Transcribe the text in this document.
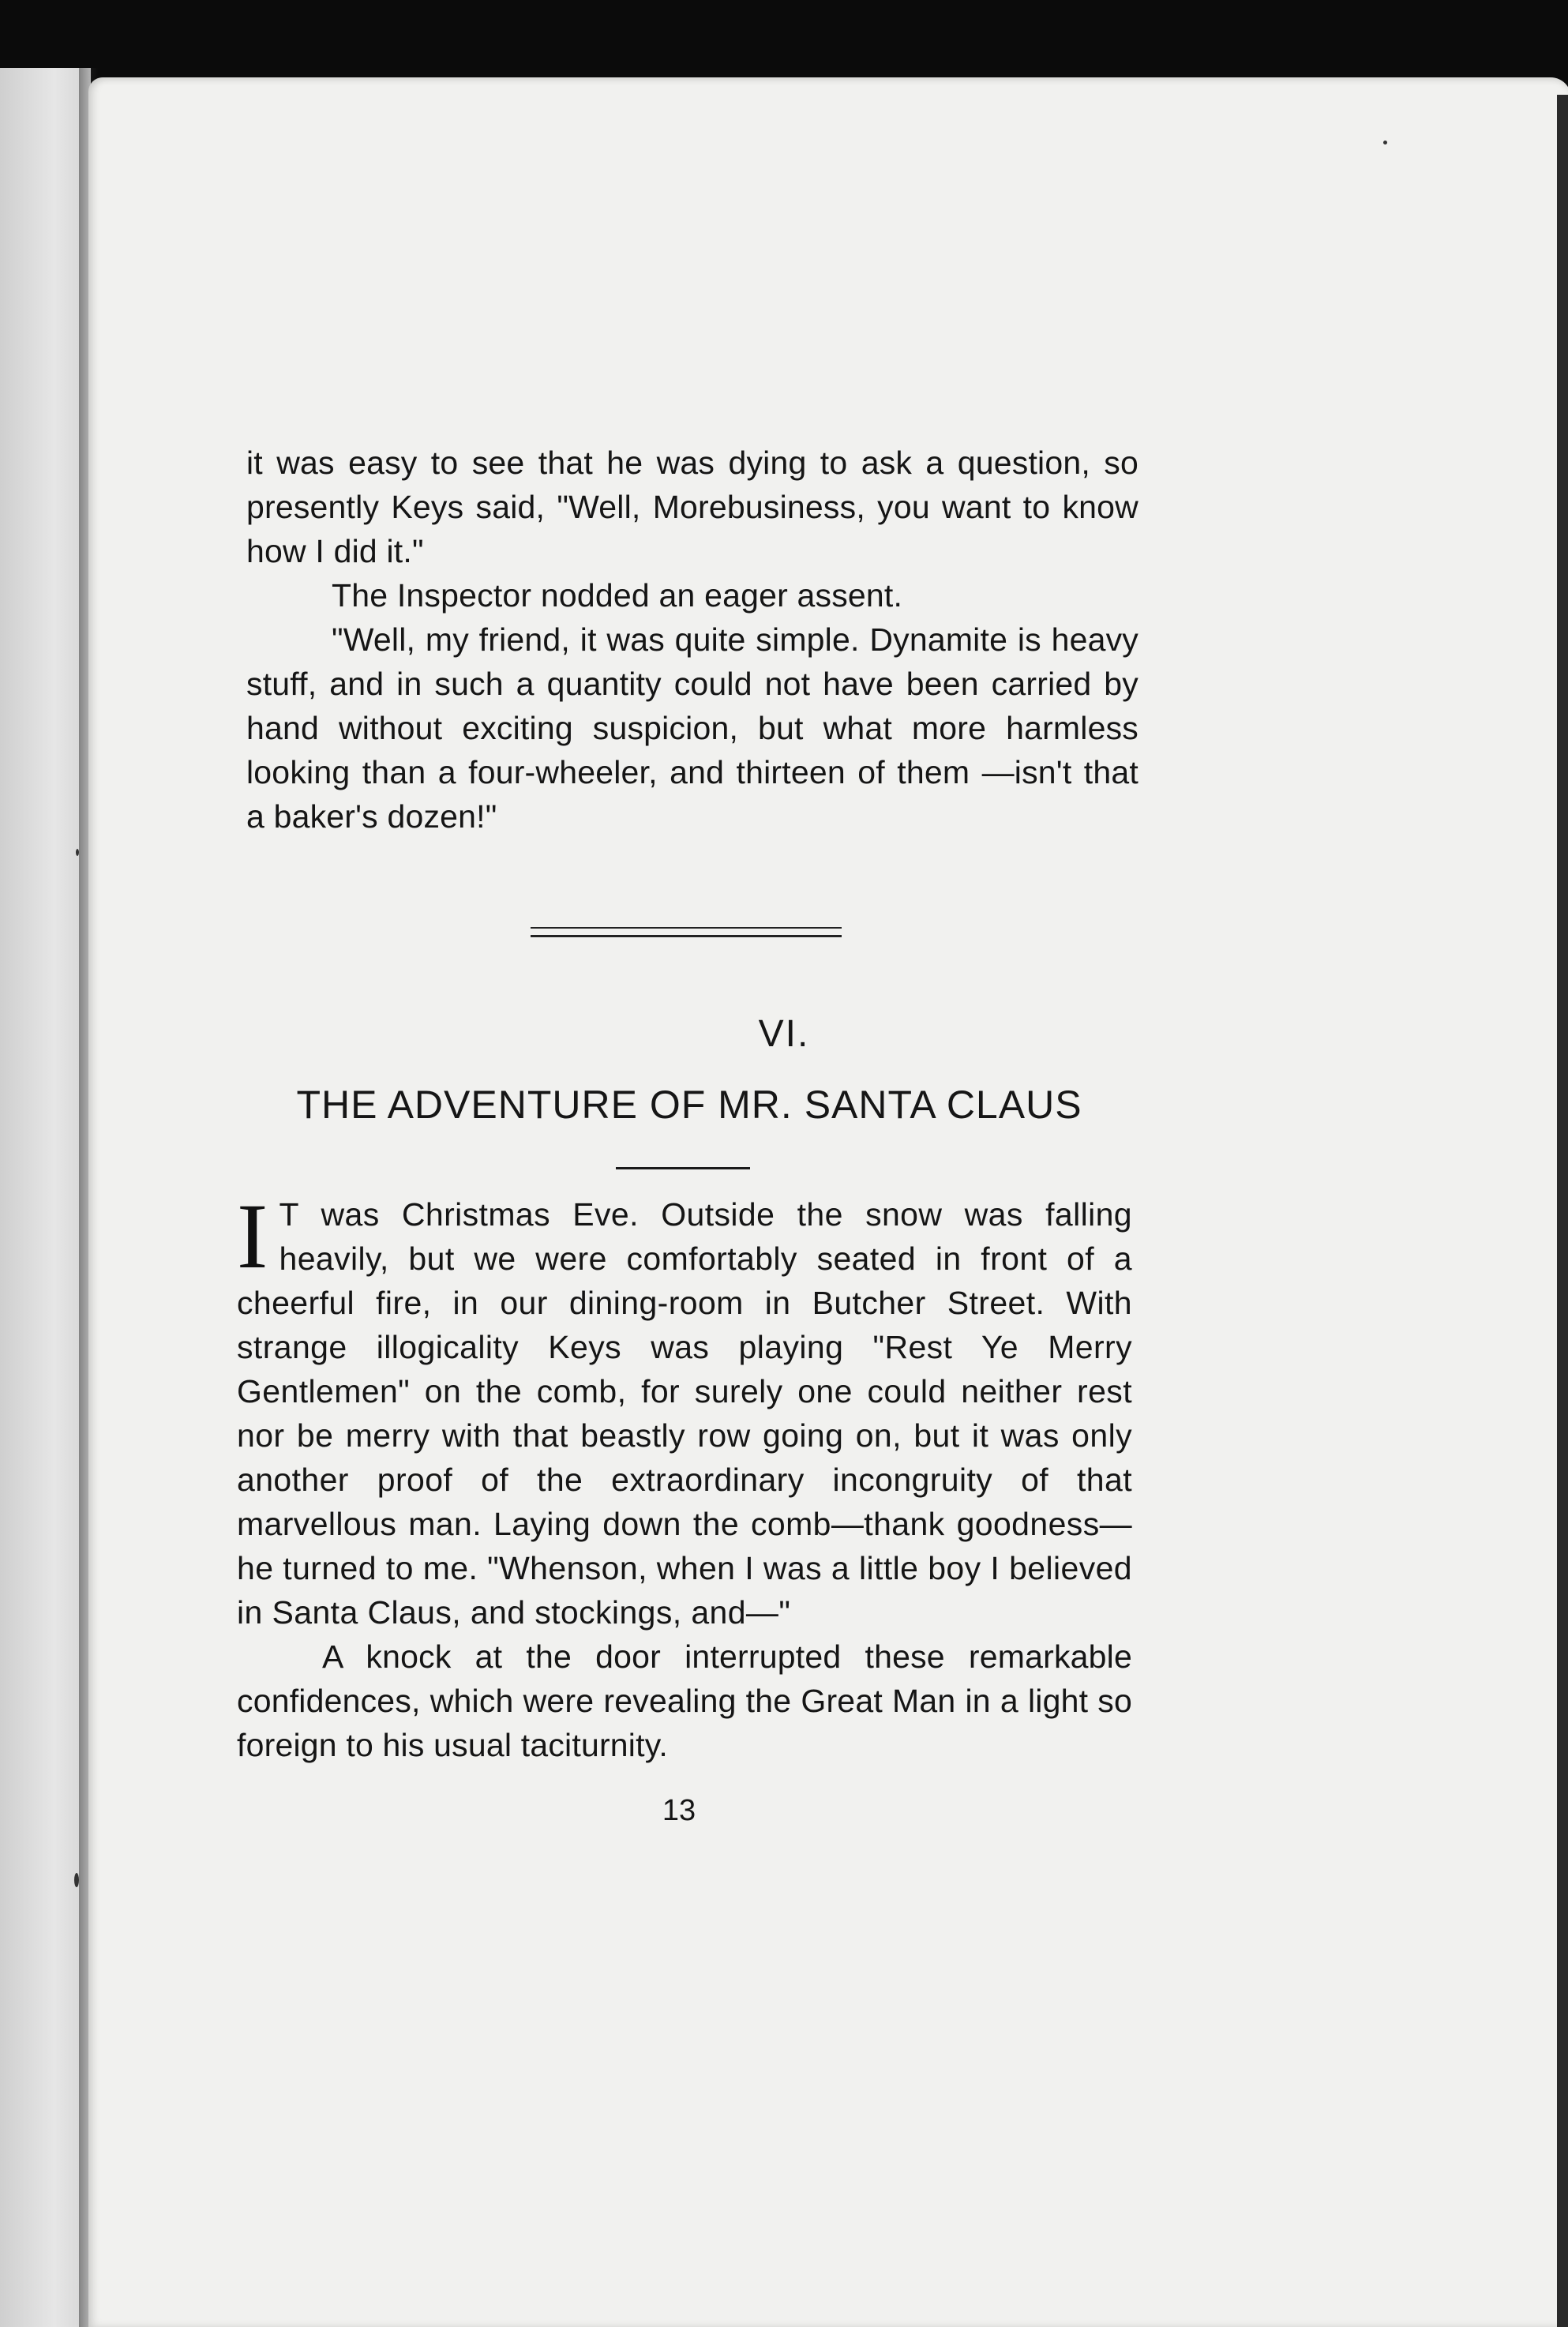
it was easy to see that he was dying to ask a question, so presently Keys said, "Well, Morebusiness, you want to know how I did it."

The Inspector nodded an eager assent.

"Well, my friend, it was quite simple. Dynamite is heavy stuff, and in such a quantity could not have been carried by hand without exciting suspicion, but what more harmless looking than a four-wheeler, and thirteen of them —isn't that a baker's dozen!"

VI.
THE ADVENTURE OF MR. SANTA CLAUS

I T was Christmas Eve. Outside the snow was falling heavily, but we were comfortably seated in front of a cheerful fire, in our dining-room in Butcher Street. With strange illogicality Keys was playing "Rest Ye Merry Gentlemen" on the comb, for surely one could neither rest nor be merry with that beastly row going on, but it was only another proof of the extraordinary incongruity of that marvellous man. Laying down the comb—thank goodness—he turned to me. "Whenson, when I was a little boy I believed in Santa Claus, and stockings, and—"

A knock at the door interrupted these remarkable confidences, which were revealing the Great Man in a light so foreign to his usual taciturnity.

13
